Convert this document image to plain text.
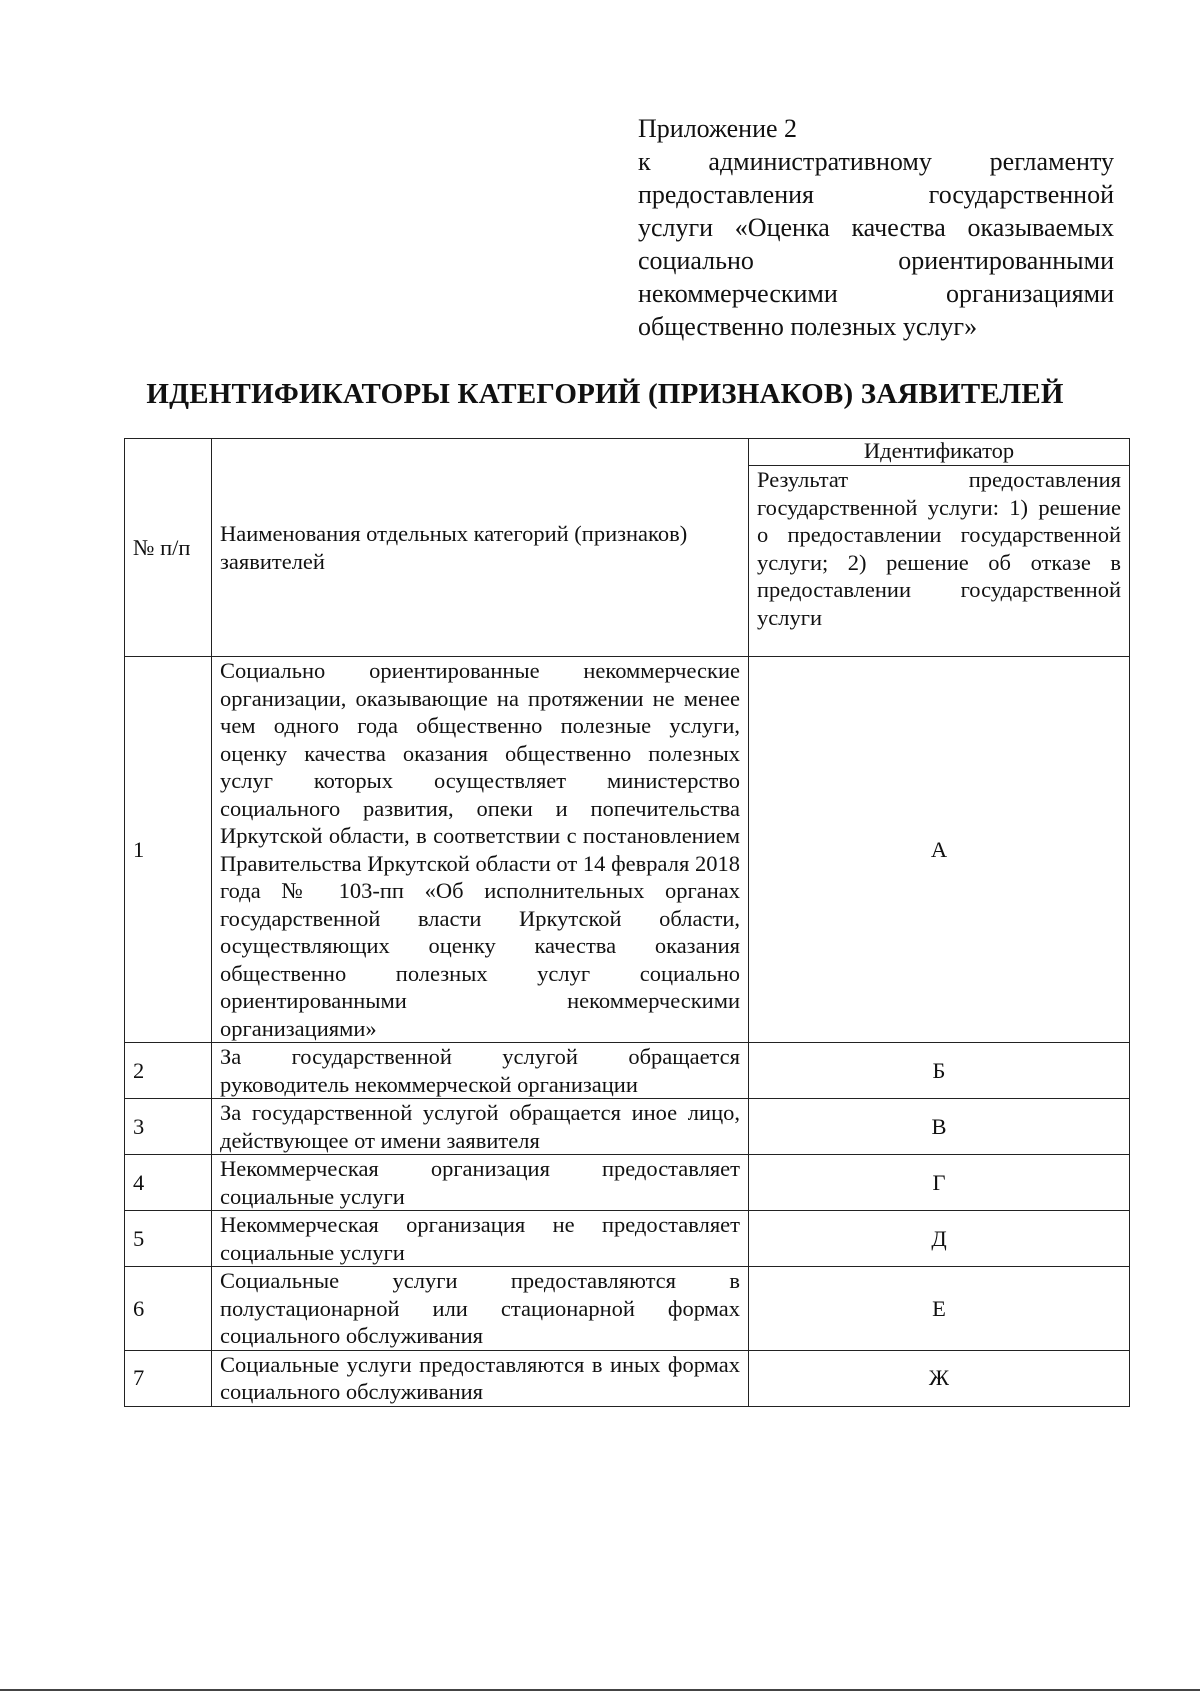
Приложение 2
к административному регламенту
предоставления государственной
услуги «Оценка качества оказываемых
социально ориентированными
некоммерческими организациями
общественно полезных услуг»
ИДЕНТИФИКАТОРЫ КАТЕГОРИЙ (ПРИЗНАКОВ) ЗАЯВИТЕЛЕЙ
№ п/п	Наименования отдельных категорий (признаков) заявителей	Идентификатор
		Результат предоставления государственной услуги: 1) решение о предоставлении государственной услуги; 2) решение об отказе в предоставлении государственной услуги
1	Социально ориентированные некоммерческие организации, оказывающие на протяжении не менее чем одного года общественно полезные услуги, оценку качества оказания общественно полезных услуг которых осуществляет министерство социального развития, опеки и попечительства Иркутской области, в соответствии с постановлением Правительства Иркутской области от 14 февраля 2018 года № 103-пп «Об исполнительных органах государственной власти Иркутской области, осуществляющих оценку качества оказания общественно полезных услуг социально ориентированными некоммерческими организациями»	А
2	За государственной услугой обращается руководитель некоммерческой организации	Б
3	За государственной услугой обращается иное лицо, действующее от имени заявителя	В
4	Некоммерческая организация предоставляет социальные услуги	Г
5	Некоммерческая организация не предоставляет социальные услуги	Д
6	Социальные услуги предоставляются в полустационарной или стационарной формах социального обслуживания	Е
7	Социальные услуги предоставляются в иных формах социального обслуживания	Ж
